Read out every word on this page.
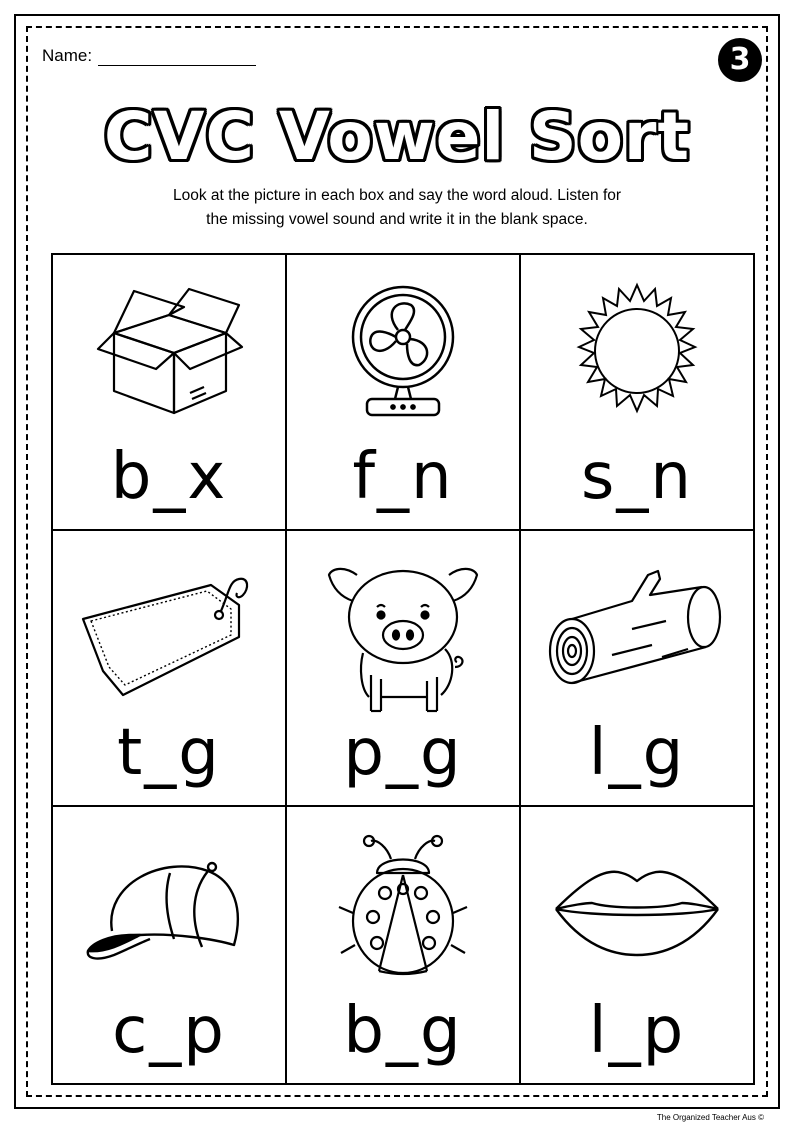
Name:	3
CVC Vowel Sort
Look at the picture in each box and say the word aloud. Listen for
the missing vowel sound and write it in the blank space.
b_x	f_n	s_n
t_g	p_g	l_g
c_p	b_g	l_p
The Organized Teacher Aus ©
